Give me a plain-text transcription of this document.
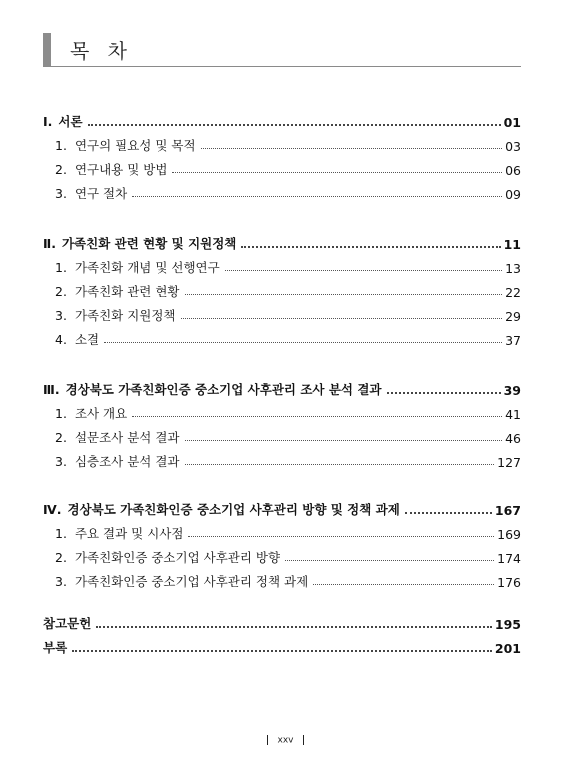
목 차
Ⅰ. 서론	01
1. 연구의 필요성 및 목적	03
2. 연구내용 및 방법	06
3. 연구 절차	09
Ⅱ. 가족친화 관련 현황 및 지원정책	11
1. 가족친화 개념 및 선행연구	13
2. 가족친화 관련 현황	22
3. 가족친화 지원정책	29
4. 소결	37
Ⅲ. 경상북도 가족친화인증 중소기업 사후관리 조사 분석 결과	39
1. 조사 개요	41
2. 설문조사 분석 결과	46
3. 심층조사 분석 결과	127
Ⅳ. 경상북도 가족친화인증 중소기업 사후관리 방향 및 정책 과제	167
1. 주요 결과 및 시사점	169
2. 가족친화인증 중소기업 사후관리 방향	174
3. 가족친화인증 중소기업 사후관리 정책 과제	176
참고문헌	195
부록	201
xxv
